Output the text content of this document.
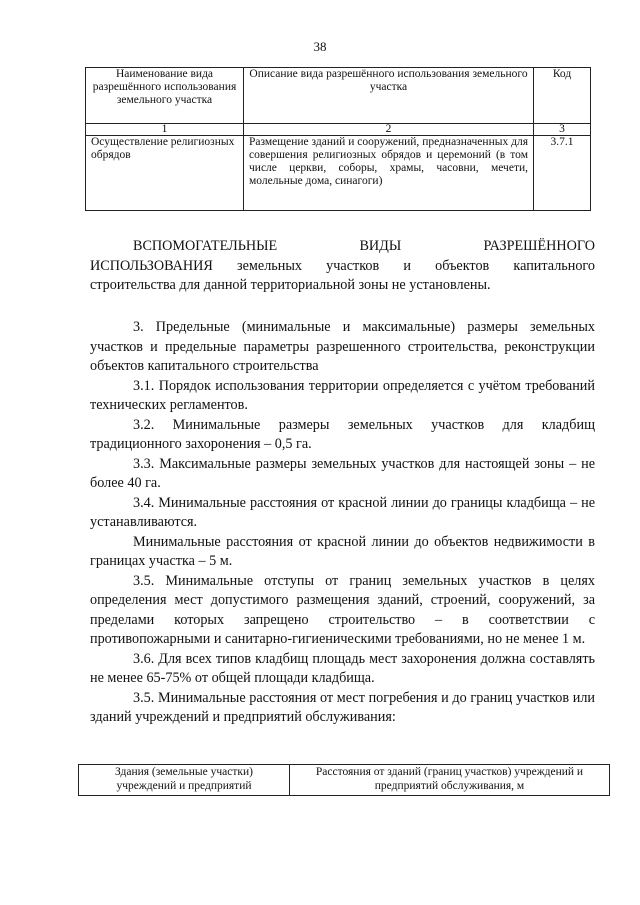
38
Наименование вида разрешённого использования земельного участка	Описание вида разрешённого использования земельного участка	Код
1	2	3
Осуществление религиозных обрядов	Размещение зданий и сооружений, предназначенных для совершения религиозных обрядов и церемоний (в том числе церкви, соборы, храмы, часовни, мечети, молельные дома, синагоги)	3.7.1

ВСПОМОГАТЕЛЬНЫЕ ВИДЫ РАЗРЕШЁННОГО

ИСПОЛЬЗОВАНИЯ земельных участков и объектов капитального

строительства для данной территориальной зоны не установлены.

3. Предельные (минимальные и максимальные) размеры земельных участков и предельные параметры разрешенного строительства, реконструкции объектов капитального строительства

3.1. Порядок использования территории определяется с учётом требований технических регламентов.

3.2. Минимальные размеры земельных участков для кладбищ традиционного захоронения – 0,5 га.

3.3. Максимальные размеры земельных участков для настоящей зоны – не более 40 га.

3.4. Минимальные расстояния от красной линии до границы кладбища – не устанавливаются.

Минимальные расстояния от красной линии до объектов недвижимости в границах участка – 5 м.

3.5. Минимальные отступы от границ земельных участков в целях определения мест допустимого размещения зданий, строений, сооружений, за пределами которых запрещено строительство – в соответствии с противопожарными и санитарно-гигиеническими требованиями, но не менее 1 м.

3.6. Для всех типов кладбищ площадь мест захоронения должна составлять не менее 65-75% от общей площади кладбища.

3.5. Минимальные расстояния от мест погребения и до границ участков или зданий учреждений и предприятий обслуживания:

Здания (земельные участки) учреждений и предприятий	Расстояния от зданий (границ участков) учреждений и предприятий обслуживания, м
